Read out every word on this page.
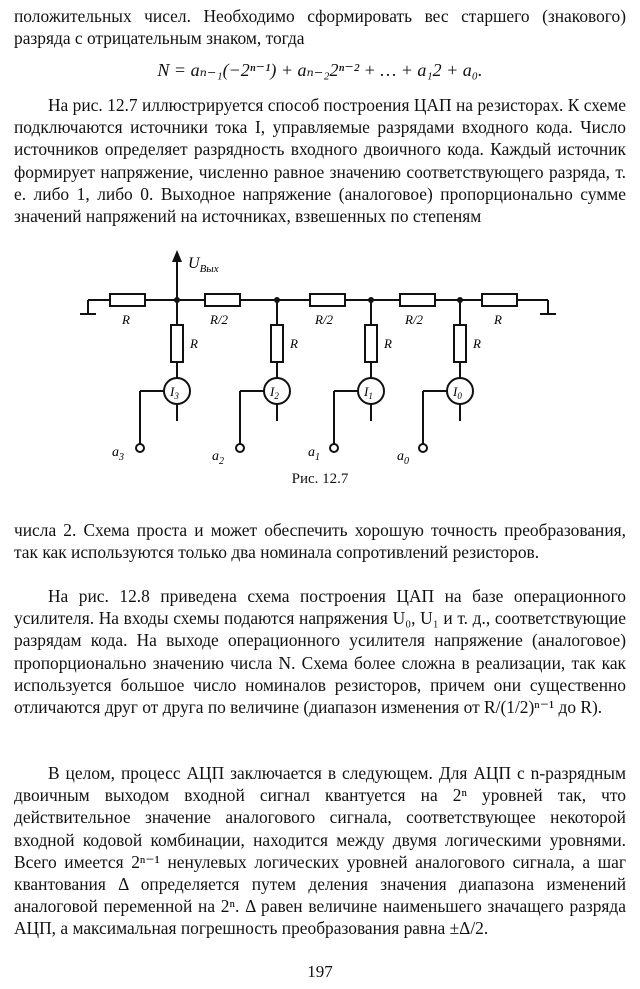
положительных чисел. Необходимо сформировать вес старшего (знакового) разряда с отрицательным знаком, тогда

N = aₙ₋₁(−2ⁿ⁻¹) + aₙ₋₂2ⁿ⁻² + … + a₁2 + a₀.

На рис. 12.7 иллюстрируется способ построения ЦАП на резисторах. К схеме подключаются источники тока I, управляемые разрядами входного кода. Число источников определяет разрядность входного двоичного кода. Каждый источник формирует напряжение, численно равное значению соответствующего разряда, т. е. либо 1, либо 0. Выходное напряжение (аналоговое) пропорционально сумме значений напряжений на источниках, взвешенных по степеням

$U_{Вых}$
R	R/2	R/2	R/2	R
R	R	R	R
$I_3$	$I_2$	$I_1$	$I_0$
$a_3$	$a_2$
$a_1$	$a_0$
Рис. 12.7

числа 2. Схема проста и может обеспечить хорошую точность преобразования, так как используются только два номинала сопротивлений резисторов.

На рис. 12.8 приведена схема построения ЦАП на базе операционного усилителя. На входы схемы подаются напряжения U₀, U₁ и т. д., соответствующие разрядам кода. На выходе операционного усилителя напряжение (аналоговое) пропорционально значению числа N. Схема более сложна в реализации, так как используется большое число номиналов резисторов, причем они существенно отличаются друг от друга по величине (диапазон изменения от R/(1/2)ⁿ⁻¹ до R).

В целом, процесс АЦП заключается в следующем. Для АЦП с n-разрядным двоичным выходом входной сигнал квантуется на 2ⁿ уровней так, что действительное значение аналогового сигнала, соответствующее некоторой входной кодовой комбинации, находится между двумя логическими уровнями. Всего имеется 2ⁿ⁻¹ ненулевых логических уровней аналогового сигнала, а шаг квантования Δ определяется путем деления значения диапазона изменений аналоговой переменной на 2ⁿ. Δ равен величине наименьшего значащего разряда АЦП, а максимальная погрешность преобразования равна ±Δ/2.

197
